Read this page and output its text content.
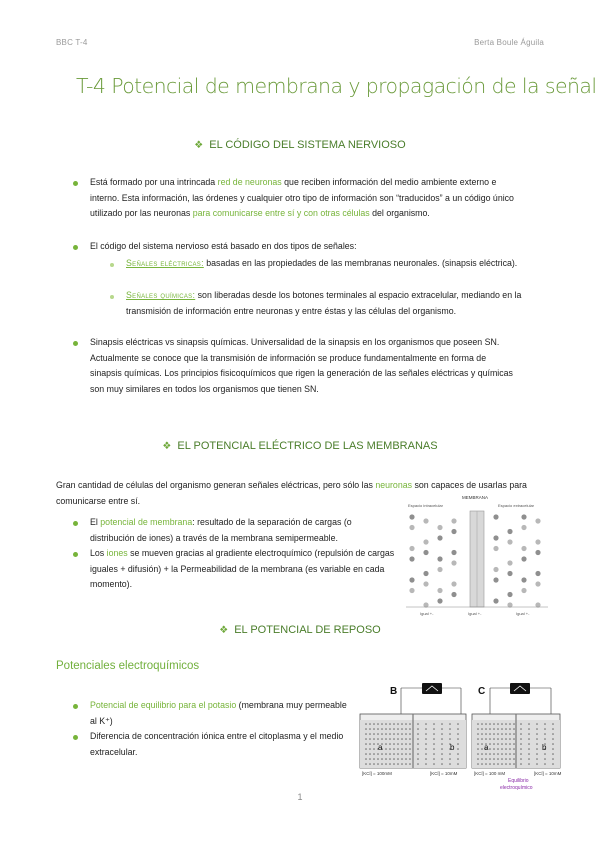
BBC T-4	Berta Boule Águila
T-4 Potencial de membrana y propagación de la señal
❖ EL CÓDIGO DEL SISTEMA NERVIOSO
Está formado por una intrincada red de neuronas que reciben información del medio ambiente externo e interno. Esta información, las órdenes y cualquier otro tipo de información son “traducidos” a un código único utilizado por las neuronas para comunicarse entre sí y con otras células del organismo.
El código del sistema nervioso está basado en dos tipos de señales:
Señales eléctricas: basadas en las propiedades de las membranas neuronales. (sinapsis eléctrica).
Señales químicas: son liberadas desde los botones terminales al espacio extracelular, mediando en la transmisión de información entre neuronas y entre éstas y las células del organismo.
Sinapsis eléctricas vs sinapsis químicas. Universalidad de la sinapsis en los organismos que poseen SN.
Actualmente se conoce que la transmisión de información se produce fundamentalmente en forma de sinapsis químicas. Los principios fisicoquímicos que rigen la generación de las señales eléctricas y químicas son muy similares en todos los organismos que tienen SN.
❖ EL POTENCIAL ELÉCTRICO DE LAS MEMBRANAS
Gran cantidad de células del organismo generan señales eléctricas, pero sólo las neuronas son capaces de usarlas para comunicarse entre sí.
El potencial de membrana: resultado de la separación de cargas (o distribución de iones) a través de la membrana semipermeable.
Los iones se mueven gracias al gradiente electroquímico (repulsión de cargas iguales + difusión) + la Permeabilidad de la membrana (es variable en cada momento).
MEMBRANA
Espacio intracelular	Espacio extracelular
Igual +-	Igual +-	Igual +-
❖ EL POTENCIAL DE REPOSO
Potenciales electroquímicos
Potencial de equilibrio para el potasio (membrana muy permeable al K⁺)
Diferencia de concentración iónica entre el citoplasma y el medio extracelular.
B	C
a	b
[KCl] = 100mM	[KCl] = 10mM
a	b
[KCl] = 100 mM	[KCl] = 10mM
Equilibrio
electroquímico
1
